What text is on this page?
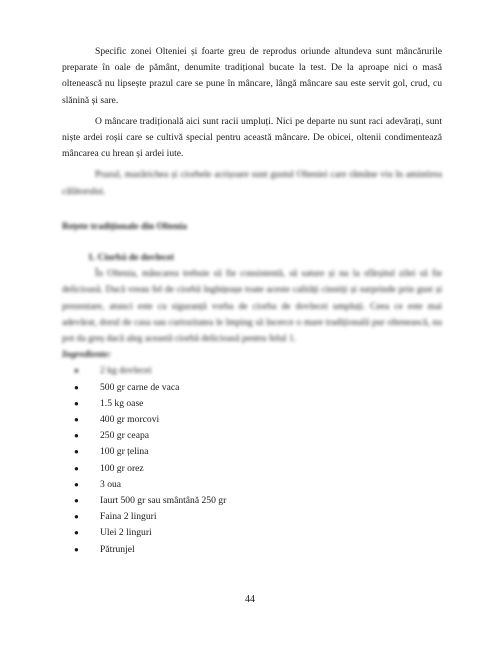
Specific zonei Olteniei și foarte greu de reprodus oriunde altundeva sunt mâncărurile preparate în oale de pământ, denumite tradițional bucate la test. De la aproape nici o masă oltenească nu lipsește prazul care se pune în mâncare, lângă mâncare sau este servit gol, crud, cu slănină și sare.

O mâncare tradițională aici sunt racii umpluți. Nici pe departe nu sunt raci adevărați, sunt niște ardei roșii care se cultivă special pentru această mâncare. De obicei, oltenii condimentează mâncarea cu hrean și ardei iute.

Prazul, mazărichea și ciorbele acrișoare sunt gustul Olteniei care râmâne viu în amintirea călătorului.

Rețete tradiționale din Oltenia

1. Ciorbă de dovlecei

În Oltenia, mâncarea trebuie să fie consistentă, să sature și nu la sfârșitul zilei să fie delicioasă. Dacă vreau fel de ciorbă înghițeașe toate aceste calități cinstiți și surprinde prin gust și prezentare, atunci este cu siguranță vorba de ciorba de dovlecei umpluți. Ceea ce este mai adevărat, dorul de casa sau curiozitatea le împing să încerce o mare tradițională pur oltenească, nu pot da greș dacă aleg această ciorbă delicioasă pentru felul 1.

Ingrediente:

● 2 kg dovlecei
● 500 gr carne de vaca
● 1.5 kg oase
● 400 gr morcovi
● 250 gr ceapa
● 100 gr țelina
● 100 gr orez
● 3 oua
● Iaurt 500 gr sau smântână 250 gr
● Faina 2 linguri
● Ulei 2 linguri
● Pătrunjel
44
